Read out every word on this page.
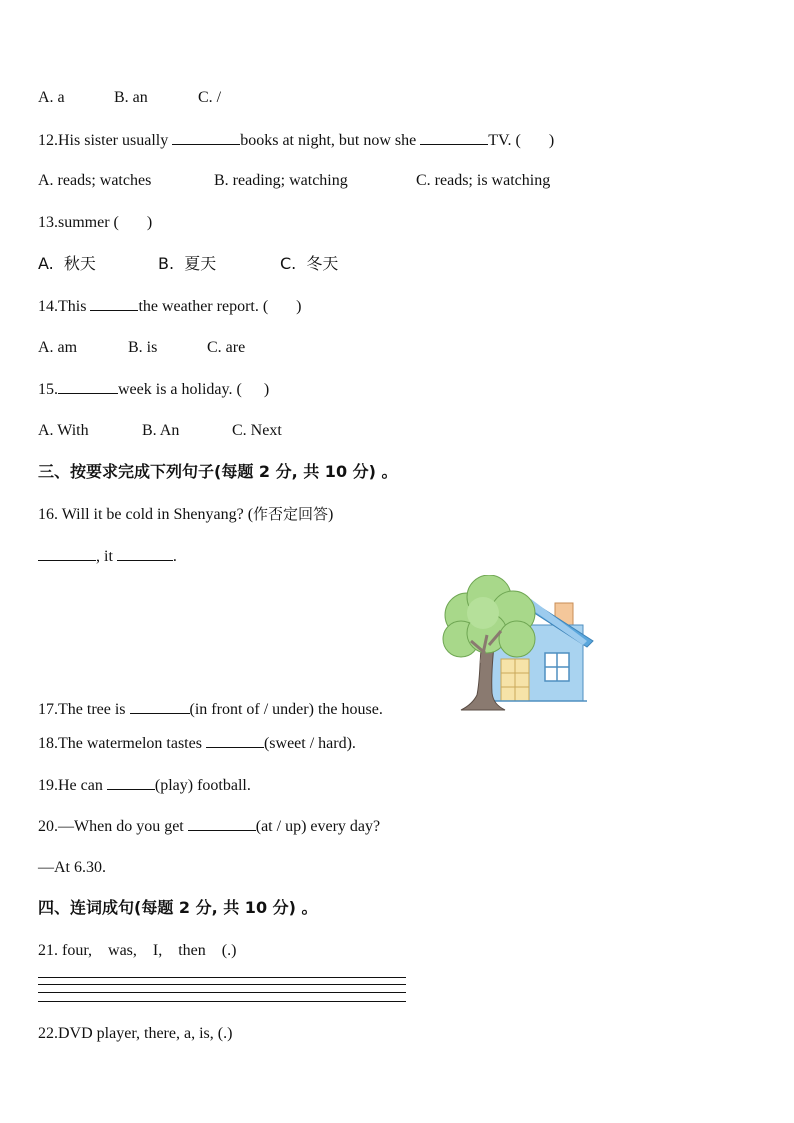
A. a	B. an	C. /
12.His sister usually	books at night, but now she	TV. ( )
A. reads; watches	B. reading; watching	C. reads; is watching
13.summer ( )
A.  秋天	B.  夏天	C.  冬天
14.This	the weather report. ( )
A. am	B. is	C. are
15.	week is a holiday. ( )
A. With	B. An	C. Next
三、按要求完成下列句子(每题 2 分, 共 10 分) 。
16. Will it be cold in Shenyang? (作否定回答)
, it	.
17.The tree is	(in front of / under) the house.
18.The watermelon tastes	(sweet / hard).
19.He can	(play) football.
20.—When do you get	(at / up) every day?
—At 6.30.
四、连词成句(每题 2 分, 共 10 分) 。
21. four,    was,    I,    then    (.)
22.DVD player, there, a, is, (.)
